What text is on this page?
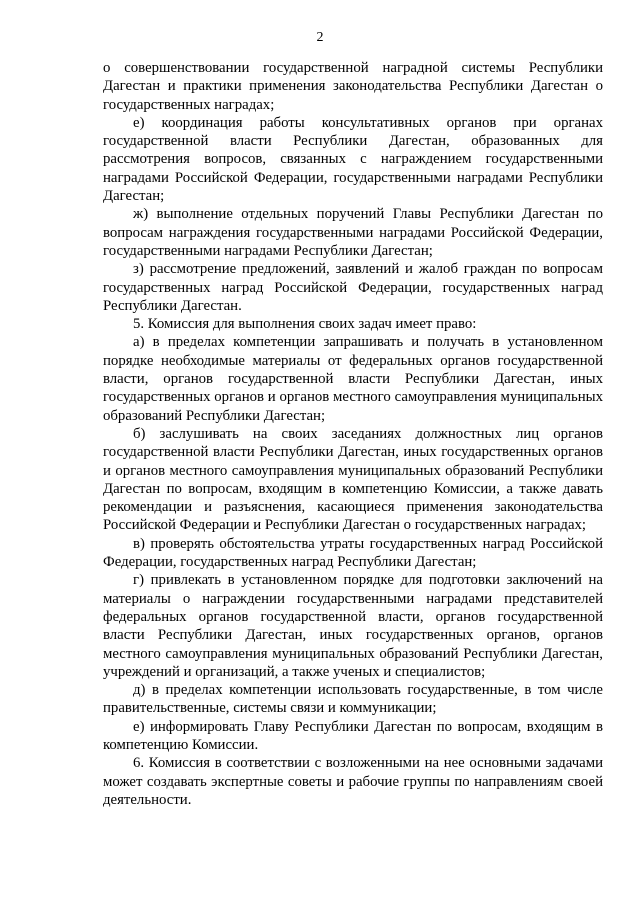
2

о совершенствовании государственной наградной системы Республики Дагестан и практики применения законодательства Республики Дагестан о государственных наградах;

е) координация работы консультативных органов при органах государственной власти Республики Дагестан, образованных для рассмотрения вопросов, связанных с награждением государственными наградами Российской Федерации, государственными наградами Республики Дагестан;

ж) выполнение отдельных поручений Главы Республики Дагестан по вопросам награждения государственными наградами Российской Федерации, государственными наградами Республики Дагестан;

з) рассмотрение предложений, заявлений и жалоб граждан по вопросам государственных наград Российской Федерации, государственных наград Республики Дагестан.

5. Комиссия для выполнения своих задач имеет право:

а) в пределах компетенции запрашивать и получать в установленном порядке необходимые материалы от федеральных органов государственной власти, органов государственной власти Республики Дагестан, иных государственных органов и органов местного самоуправления муниципальных образований Республики Дагестан;

б) заслушивать на своих заседаниях должностных лиц органов государственной власти Республики Дагестан, иных государственных органов и органов местного самоуправления муниципальных образований Республики Дагестан по вопросам, входящим в компетенцию Комиссии, а также давать рекомендации и разъяснения, касающиеся применения законодательства Российской Федерации и Республики Дагестан о государственных наградах;

в) проверять обстоятельства утраты государственных наград Российской Федерации, государственных наград Республики Дагестан;

г) привлекать в установленном порядке для подготовки заключений на материалы о награждении государственными наградами представителей федеральных органов государственной власти, органов государственной власти Республики Дагестан, иных государственных органов, органов местного самоуправления муниципальных образований Республики Дагестан, учреждений и организаций, а также ученых и специалистов;

д) в пределах компетенции использовать государственные, в том числе правительственные, системы связи и коммуникации;

е) информировать Главу Республики Дагестан по вопросам, входящим в компетенцию Комиссии.

6. Комиссия в соответствии с возложенными на нее основными задачами может создавать экспертные советы и рабочие группы по направлениям своей деятельности.
